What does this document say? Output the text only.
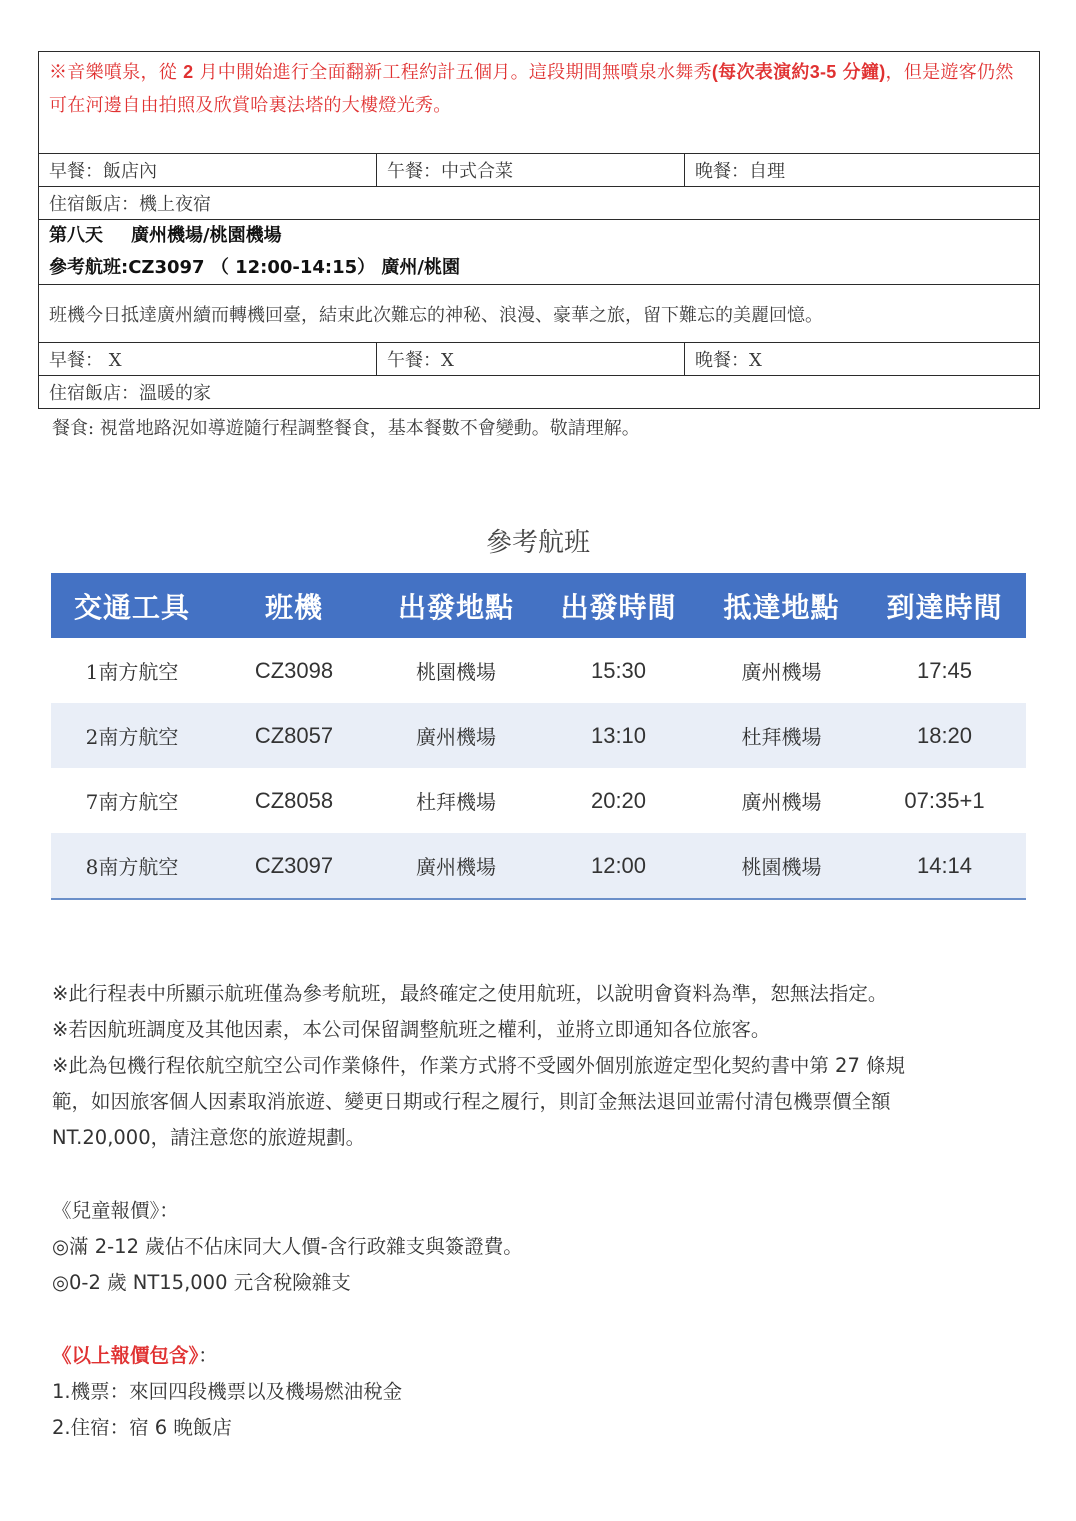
※音樂噴泉，從 2 月中開始進行全面翻新工程約計五個月。這段期間無噴泉水舞秀(每次表演約3-5 分鐘)，但是遊客仍然可在河邊自由拍照及欣賞哈裏法塔的大樓燈光秀。		
早餐：飯店內	午餐：中式合菜	晚餐：自理
住宿飯店：機上夜宿		

第八天 廣州機場/桃園機場
參考航班:CZ3097 （ 12:00-14:15） 廣州/桃園		

班機今日抵達廣州續而轉機回臺，結束此次難忘的神秘、浪漫、豪華之旅，留下難忘的美麗回憶。		
早餐： X	午餐：X	晚餐：X
住宿飯店：溫暖的家		
餐食: 視當地路況如導遊隨行程調整餐食，基本餐數不會變動。敬請理解。
參考航班
交通工具	班機	出發地點	出發時間	抵達地點	到達時間
1南方航空	CZ3098	桃園機場	15:30	廣州機場	17:45
2南方航空	CZ8057	廣州機場	13:10	杜拜機場	18:20
7南方航空	CZ8058	杜拜機場	20:20	廣州機場	07:35+1
8南方航空	CZ3097	廣州機場	12:00	桃園機場	14:14

※此行程表中所顯示航班僅為參考航班，最終確定之使用航班，以說明會資料為準，恕無法指定。

※若因航班調度及其他因素，本公司保留調整航班之權利，並將立即通知各位旅客。

※此為包機行程依航空航空公司作業條件，作業方式將不受國外個別旅遊定型化契約書中第 27 條規

範，如因旅客個人因素取消旅遊、變更日期或行程之履行，則訂金無法退回並需付清包機票價全額

NT.20,000，請注意您的旅遊規劃。

《兒童報價》：

◎滿 2-12 歲佔不佔床同大人價-含行政雜支與簽證費。

◎0-2 歲 NT15,000 元含稅險雜支

《以上報價包含》：

1.機票：來回四段機票以及機場燃油稅金

2.住宿：宿 6 晚飯店
